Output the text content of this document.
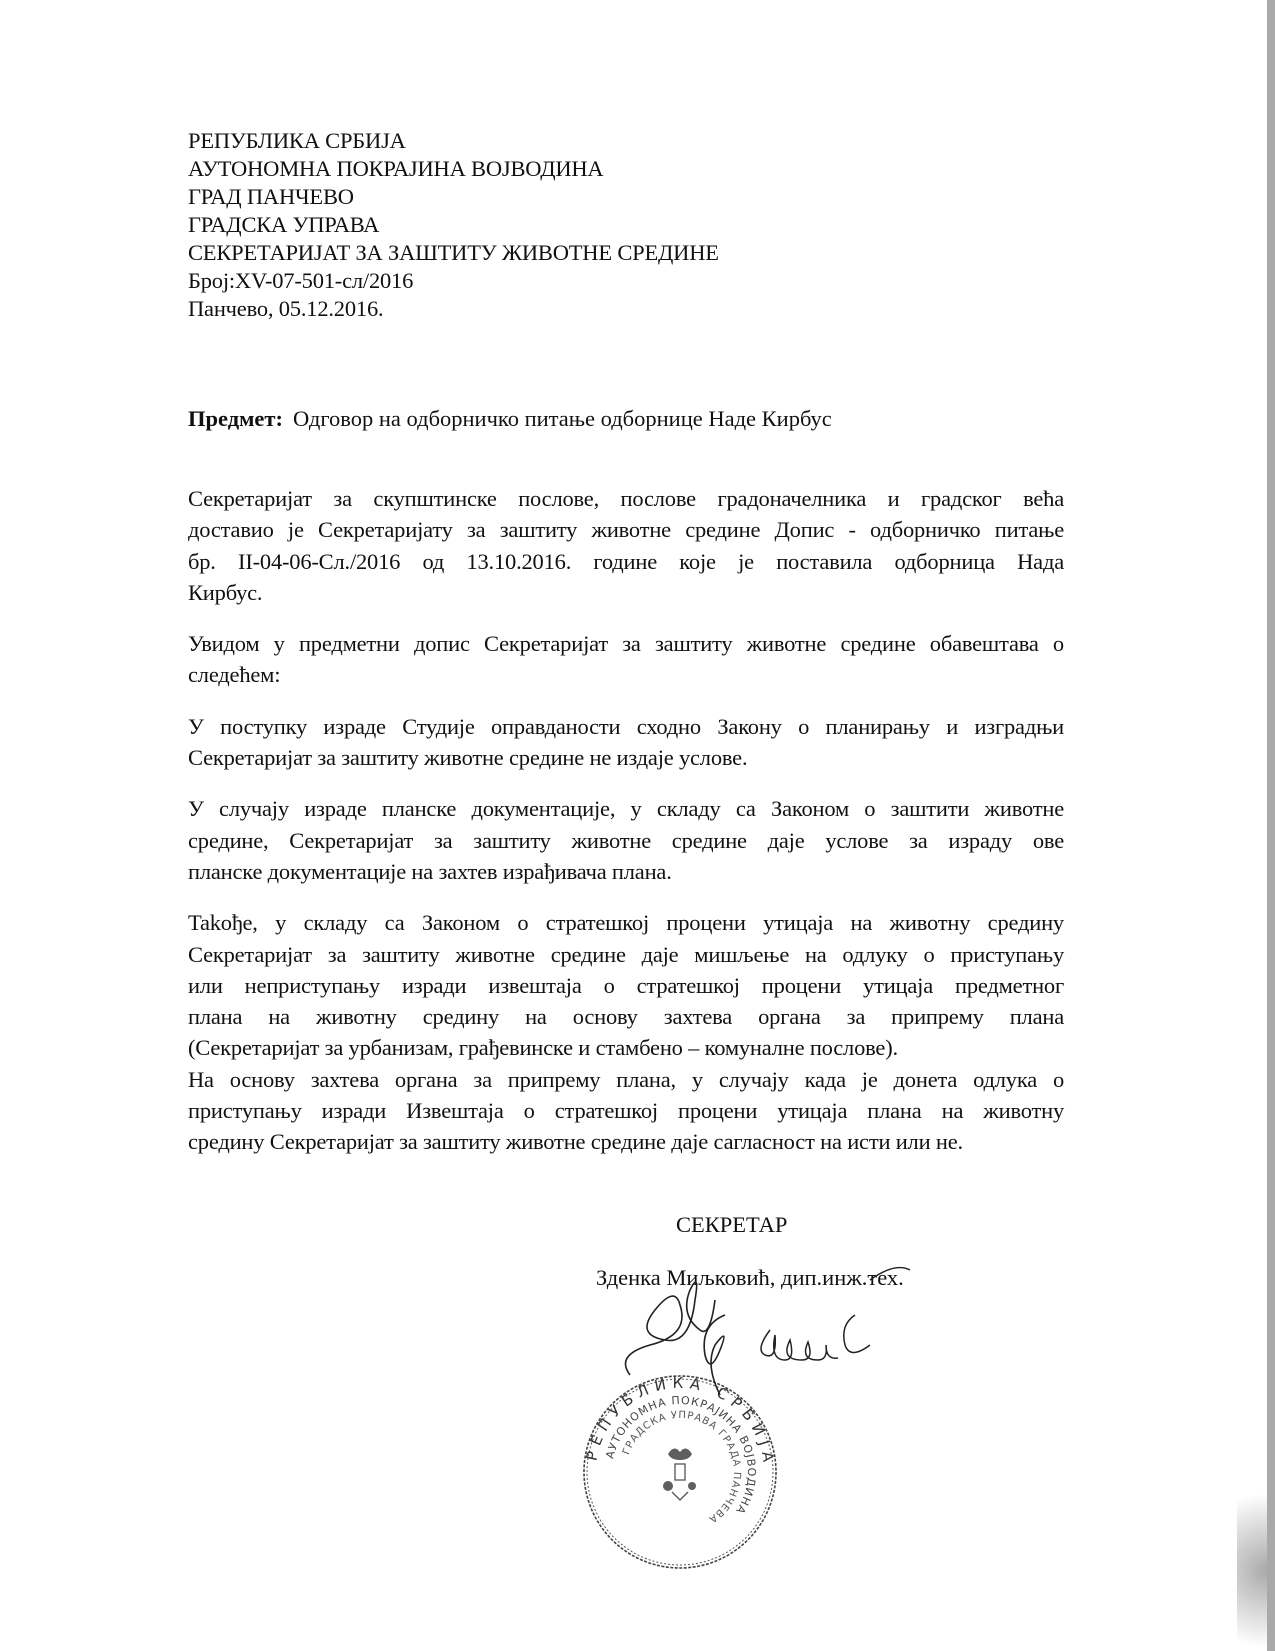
РЕПУБЛИКА СРБИЈА
АУТОНОМНА ПОКРАЈИНА ВОЈВОДИНА
ГРАД ПАНЧЕВО
ГРАДСКА УПРАВА
СЕКРЕТАРИЈАТ ЗА ЗАШТИТУ ЖИВОТНЕ СРЕДИНЕ
Број:XV-07-501-сл/2016
Панчево, 05.12.2016.
Предмет: Одговор на одборничко питање одборнице Наде Кирбус

Секретаријат за скупштинске послове, послове градоначелника и градског већа

доставио је Секретаријату за заштиту животне средине Допис - одборничко питање

бр. II-04-06-Сл./2016 од 13.10.2016. године које је поставила одборница Нада

Кирбус.

Увидом у предметни допис Секретаријат за заштиту животне средине обавештава о

следећем:

У поступку израде Студије оправданости сходно Закону о планирању и изградњи

Секретаријат за заштиту животне средине не издаје услове.

У случају израде планске документације, у складу са Законом о заштити животне

средине, Секретаријат за заштиту животне средине даје услове за израду ове

планске документације на захтев израђивача плана.

Takoђе, у складу са Законом о стратешкој процени утицаја на животну средину

Секретаријат за заштиту животне средине даје мишљење на одлуку о приступању

или неприступању изради извештаја о стратешкој процени утицаја предметног

плана на животну средину на основу захтева органа за припрему плана

(Секретаријат за урбанизам, грађевинске и стамбено – комуналне послове).

На основу захтева органа за припрему плана, у случају када је донета одлука о

приступању изради Извештаја о стратешкој процени утицаја плана на животну

средину Секретаријат за заштиту животне средине даје сагласност на исти или не.

СЕКРЕТАР
Зденка Миљковић, дип.инж.тех.
РЕПУБЛИКА СРБИЈА
АУТОНОМНА ПОКРАЈИНА ВОЈВОДИНА
ГРАДСКА УПРАВА ГРАДА ПАНЧЕВА
